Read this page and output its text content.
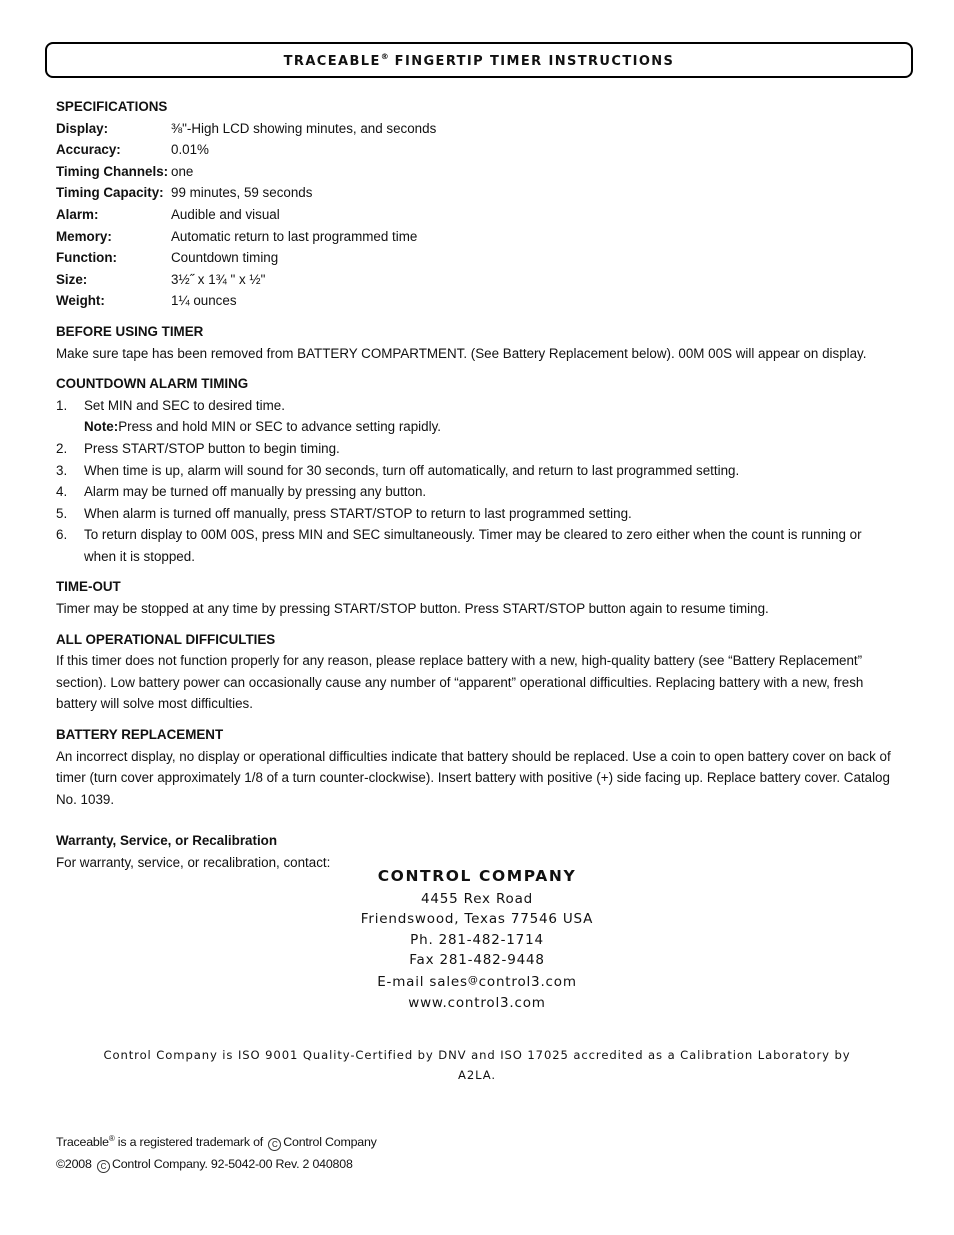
TRACEABLE® FINGERTIP TIMER INSTRUCTIONS
SPECIFICATIONS
Display:	⅜"-High LCD showing minutes, and seconds
Accuracy:	0.01%
Timing Channels: one
Timing Capacity: 99 minutes, 59 seconds
Alarm:	Audible and visual
Memory:	Automatic return to last programmed time
Function:	Countdown timing
Size:	3½˝ x 1¾ " x ½"
Weight:	1¼ ounces
BEFORE USING TIMER

Make sure tape has been removed from BATTERY COMPARTMENT. (See Battery Replacement below). 00M 00S will appear on display.

COUNTDOWN ALARM TIMING
1.	Set MIN and SEC to desired time.
Note: Press and hold MIN or SEC to advance setting rapidly.
2.	Press START/STOP button to begin timing.
3.	When time is up, alarm will sound for 30 seconds, turn off automatically, and return to last programmed setting.
4.	Alarm may be turned off manually by pressing any button.
5.	When alarm is turned off manually, press START/STOP to return to last programmed setting.
6.	To return display to 00M 00S, press MIN and SEC simultaneously. Timer may be cleared to zero either when the count is running or when it is stopped.
TIME-OUT

Timer may be stopped at any time by pressing START/STOP button. Press START/STOP button again to resume timing.

ALL OPERATIONAL DIFFICULTIES

If this timer does not function properly for any reason, please replace battery with a new, high-quality battery (see “Battery Replacement” section). Low battery power can occasionally cause any number of “apparent” operational difficulties. Replacing battery with a new, fresh battery will solve most difficulties.

BATTERY REPLACEMENT

An incorrect display, no display or operational difficulties indicate that battery should be replaced. Use a coin to open battery cover on back of timer (turn cover approximately 1/8 of a turn counter-clockwise). Insert battery with positive (+) side facing up. Replace battery cover. Catalog No. 1039.

Warranty, Service, or Recalibration

For warranty, service, or recalibration, contact:

CONTROL COMPANY
4455 Rex Road
Friendswood, Texas 77546 USA
Ph. 281-482-1714
Fax 281-482-9448
E-mail sales@control3.com
www.control3.com
Control Company is ISO 9001 Quality-Certified by DNV and ISO 17025 accredited as a Calibration Laboratory by A2LA.
Traceable® is a registered trademark of C Control Company
©2008 C Control Company. 92-5042-00 Rev. 2 040808
